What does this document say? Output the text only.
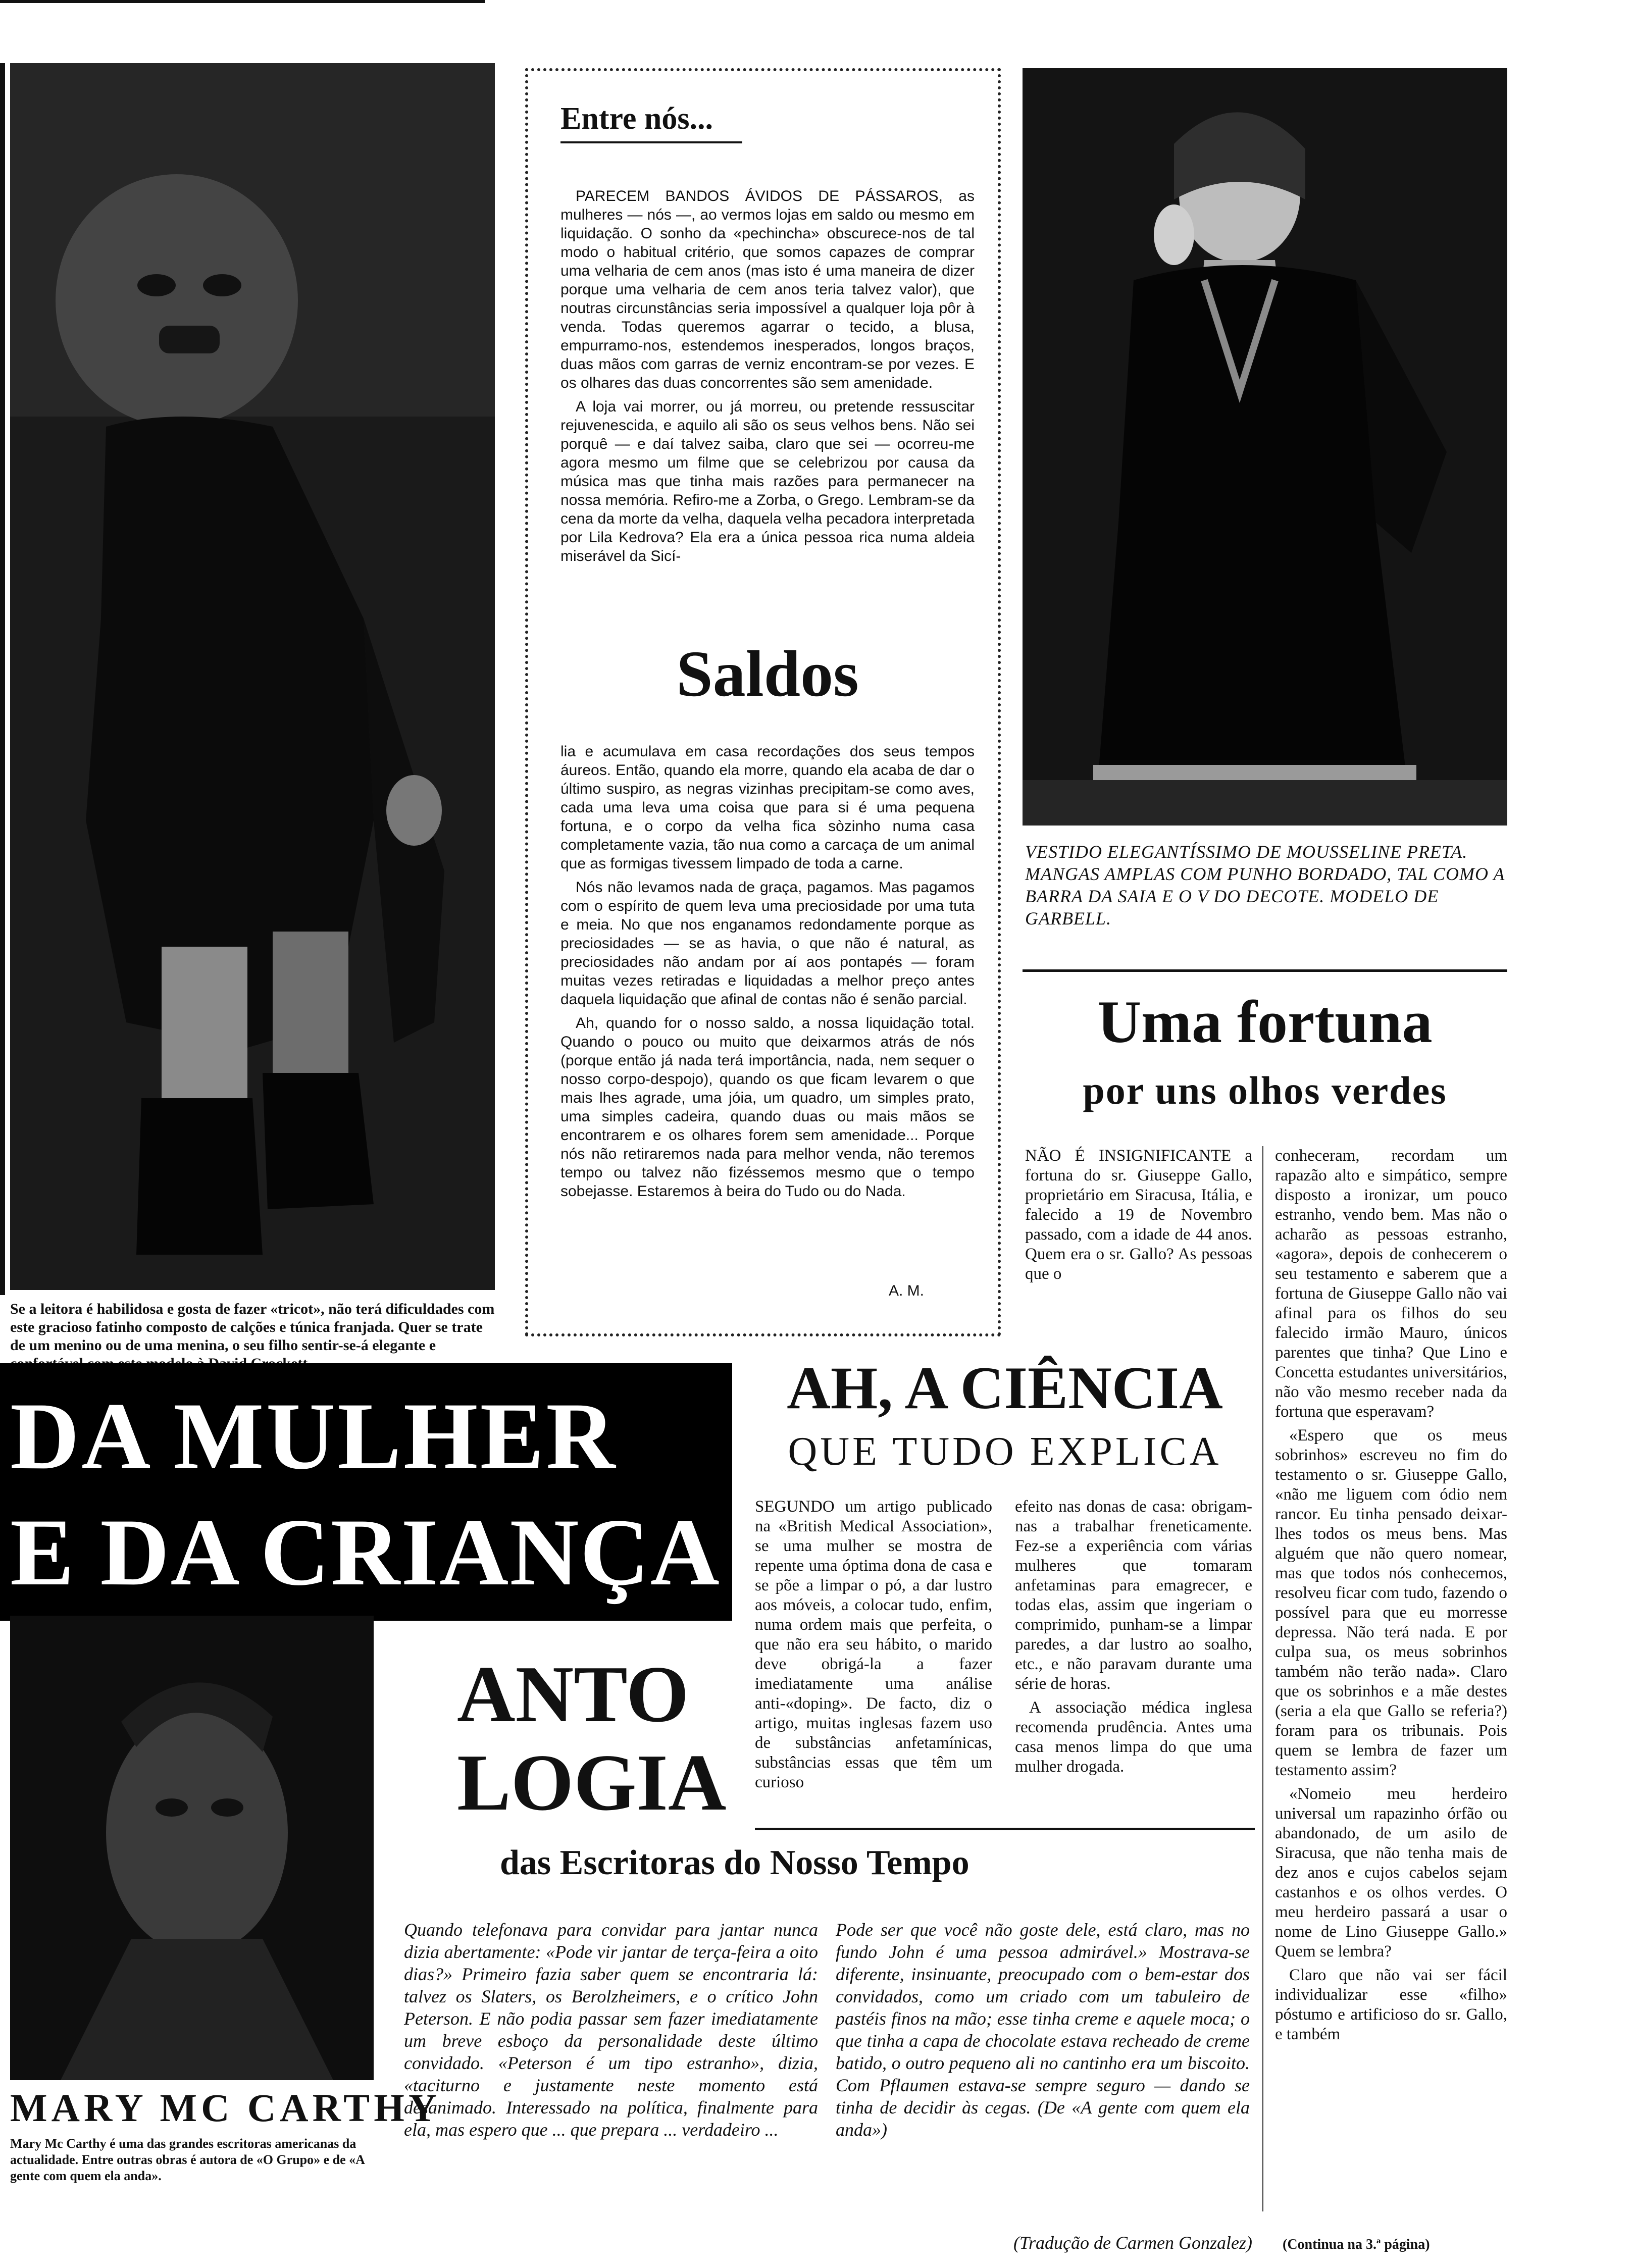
Se a leitora é habilidosa e gosta de fazer «tricot», não terá dificuldades com este gracioso fatinho composto de calções e túnica franjada. Quer se trate de um menino ou de uma menina, o seu filho sentir-se-á elegante e
Entre nós...

PARECEM BANDOS ÁVIDOS DE PÁSSAROS, as mulheres — nós —, ao vermos lojas em saldo ou mesmo em liquidação. O sonho da «pechincha» obscurece-nos de tal modo o habitual critério, que somos capazes de comprar uma velharia de cem anos (mas isto é uma maneira de dizer porque uma velharia de cem anos teria talvez valor), que noutras circunstâncias seria impossível a qualquer loja pôr à venda. Todas queremos agarrar o tecido, a blusa, empurramo-nos, estendemos inesperados, longos braços, duas mãos com garras de verniz encontram-se por vezes. E os olhares das duas concorrentes são sem amenidade.

A loja vai morrer, ou já morreu, ou pretende ressuscitar rejuvenescida, e aquilo ali são os seus velhos bens. Não sei porquê — e daí talvez saiba, claro que sei — ocorreu-me agora mesmo um filme que se celebrizou por causa da música mas que tinha mais razões para permanecer na nossa memória. Refiro-me a Zorba, o Grego. Lembram-se da cena da morte da velha, daquela velha pecadora interpretada por Lila Kedrova? Ela era a única pessoa rica numa aldeia miserável da Sicí-

Saldos

lia e acumulava em casa recordações dos seus tempos áureos. Então, quando ela morre, quando ela acaba de dar o último suspiro, as negras vizinhas precipitam-se como aves, cada uma leva uma coisa que para si é uma pequena fortuna, e o corpo da velha fica sòzinho numa casa completamente vazia, tão nua como a carcaça de um animal que as formigas tivessem limpado de toda a carne.

Nós não levamos nada de graça, pagamos. Mas pagamos com o espírito de quem leva uma preciosidade por uma tuta e meia. No que nos enganamos redondamente porque as preciosidades — se as havia, o que não é natural, as preciosidades não andam por aí aos pontapés — foram muitas vezes retiradas e liquidadas a melhor preço antes daquela liquidação que afinal de contas não é senão parcial.

Ah, quando for o nosso saldo, a nossa liquidação total. Quando o pouco ou muito que deixarmos atrás de nós (porque então já nada terá importância, nada, nem sequer o nosso corpo-despojo), quando os que ficam levarem o que mais lhes agrade, uma jóia, um quadro, um simples prato, uma simples cadeira, quando duas ou mais mãos se encontrarem e os olhares forem sem amenidade... Porque nós não retiraremos nada para melhor venda, não teremos tempo ou talvez não fizéssemos mesmo que o tempo sobejasse. Estaremos à beira do Tudo ou do Nada.

A. M.
VESTIDO ELEGANTÍSSIMO DE MOUSSELINE PRETA. MANGAS AMPLAS COM PUNHO BORDADO, TAL COMO A BARRA DA SAIA E O V DO DECOTE. MODELO DE GARBELL.
Uma fortuna
por uns olhos verdes
NÃO É INSIGNIFICANTE a fortuna do sr. Giuseppe Gallo, proprietário em Siracusa, Itália, e falecido a 19 de Novembro passado, com a idade de 44 anos. Quem era o sr. Gallo? As pessoas que o

conheceram, recordam um rapazão alto e simpático, sempre disposto a ironizar, um pouco estranho, vendo bem. Mas não o acharão as pessoas estranho, «agora», depois de conhecerem o seu testamento e saberem que a fortuna de Giuseppe Gallo não vai afinal para os filhos do seu falecido irmão Mauro, únicos parentes que tinha? Que Lino e Concetta estudantes universitários, não vão mesmo receber nada da fortuna que esperavam?

«Espero que os meus sobrinhos» escreveu no fim do testamento o sr. Giuseppe Gallo, «não me liguem com ódio nem rancor. Eu tinha pensado deixar-lhes todos os meus bens. Mas alguém que não quero nomear, mas que todos nós conhecemos, resolveu ficar com tudo, fazendo o possível para que eu morresse depressa. Não terá nada. E por culpa sua, os meus sobrinhos também não terão nada». Claro que os sobrinhos e a mãe destes (seria a ela que Gallo se referia?) foram para os tribunais. Pois quem se lembra de fazer um testamento assim?

«Nomeio meu herdeiro universal um rapazinho órfão ou abandonado, de um asilo de Siracusa, que não tenha mais de dez anos e cujos cabelos sejam castanhos e os olhos verdes. O meu herdeiro passará a usar o nome de Lino Giuseppe Gallo.» Quem se lembra?

Claro que não vai ser fácil individualizar esse «filho» póstumo e artificioso do sr. Gallo, e também

(Continua na 3.ª página)
DA MULHER
E DA CRIANÇA
AH, A CIÊNCIA
QUE TUDO EXPLICA
SEGUNDO um artigo publicado na «British Medical Association», se uma mulher se mostra de repente uma óptima dona de casa e se põe a limpar o pó, a dar lustro aos móveis, a colocar tudo, enfim, numa ordem mais que perfeita, o que não era seu hábito, o marido deve obrigá-la a fazer imediatamente uma análise anti-«doping». De facto, diz o artigo, muitas inglesas fazem uso de substâncias anfetamínicas, substâncias essas que têm um curioso

efeito nas donas de casa: obrigam-nas a trabalhar freneticamente. Fez-se a experiência com várias mulheres que tomaram anfetaminas para emagrecer, e todas elas, assim que ingeriam o comprimido, punham-se a limpar paredes, a dar lustro ao soalho, etc., e não paravam durante uma série de horas.

A associação médica inglesa recomenda prudência. Antes uma casa menos limpa do que uma mulher drogada.

MARY MC CARTHY
Mary Mc Carthy é uma das grandes escritoras americanas da actualidade. Entre outras obras é autora de «O Grupo» e de «A gente com quem ela anda».
ANTO
LOGIA
das Escritoras do Nosso Tempo
Quando telefonava para convidar para jantar nunca dizia abertamente: «Pode vir jantar de terça-feira a oito dias?» Primeiro fazia saber quem se encontraria lá: talvez os Slaters, os Berolzheimers, e o crítico John Peterson. E não podia passar sem fazer imediatamente um breve esboço da personalidade deste último convidado. «Peterson é um tipo estranho», dizia, «taciturno e justamente neste momento está desanimado. Interessado na política, finalmente para ela, mas espero que ... que prepara ... verdadeiro ...
Pode ser que você não goste dele, está claro, mas no fundo John é uma pessoa admirável.» Mostrava-se diferente, insinuante, preocupado com o bem-estar dos convidados, como um criado com um tabuleiro de pastéis finos na mão; esse tinha creme e aquele moca; o que tinha a capa de chocolate estava recheado de creme batido, o outro pequeno ali no cantinho era um biscoito. Com Pflaumen estava-se sempre seguro — dando se tinha de decidir às cegas. (De «A gente com quem ela anda»)
(Tradução de Carmen Gonzalez)
